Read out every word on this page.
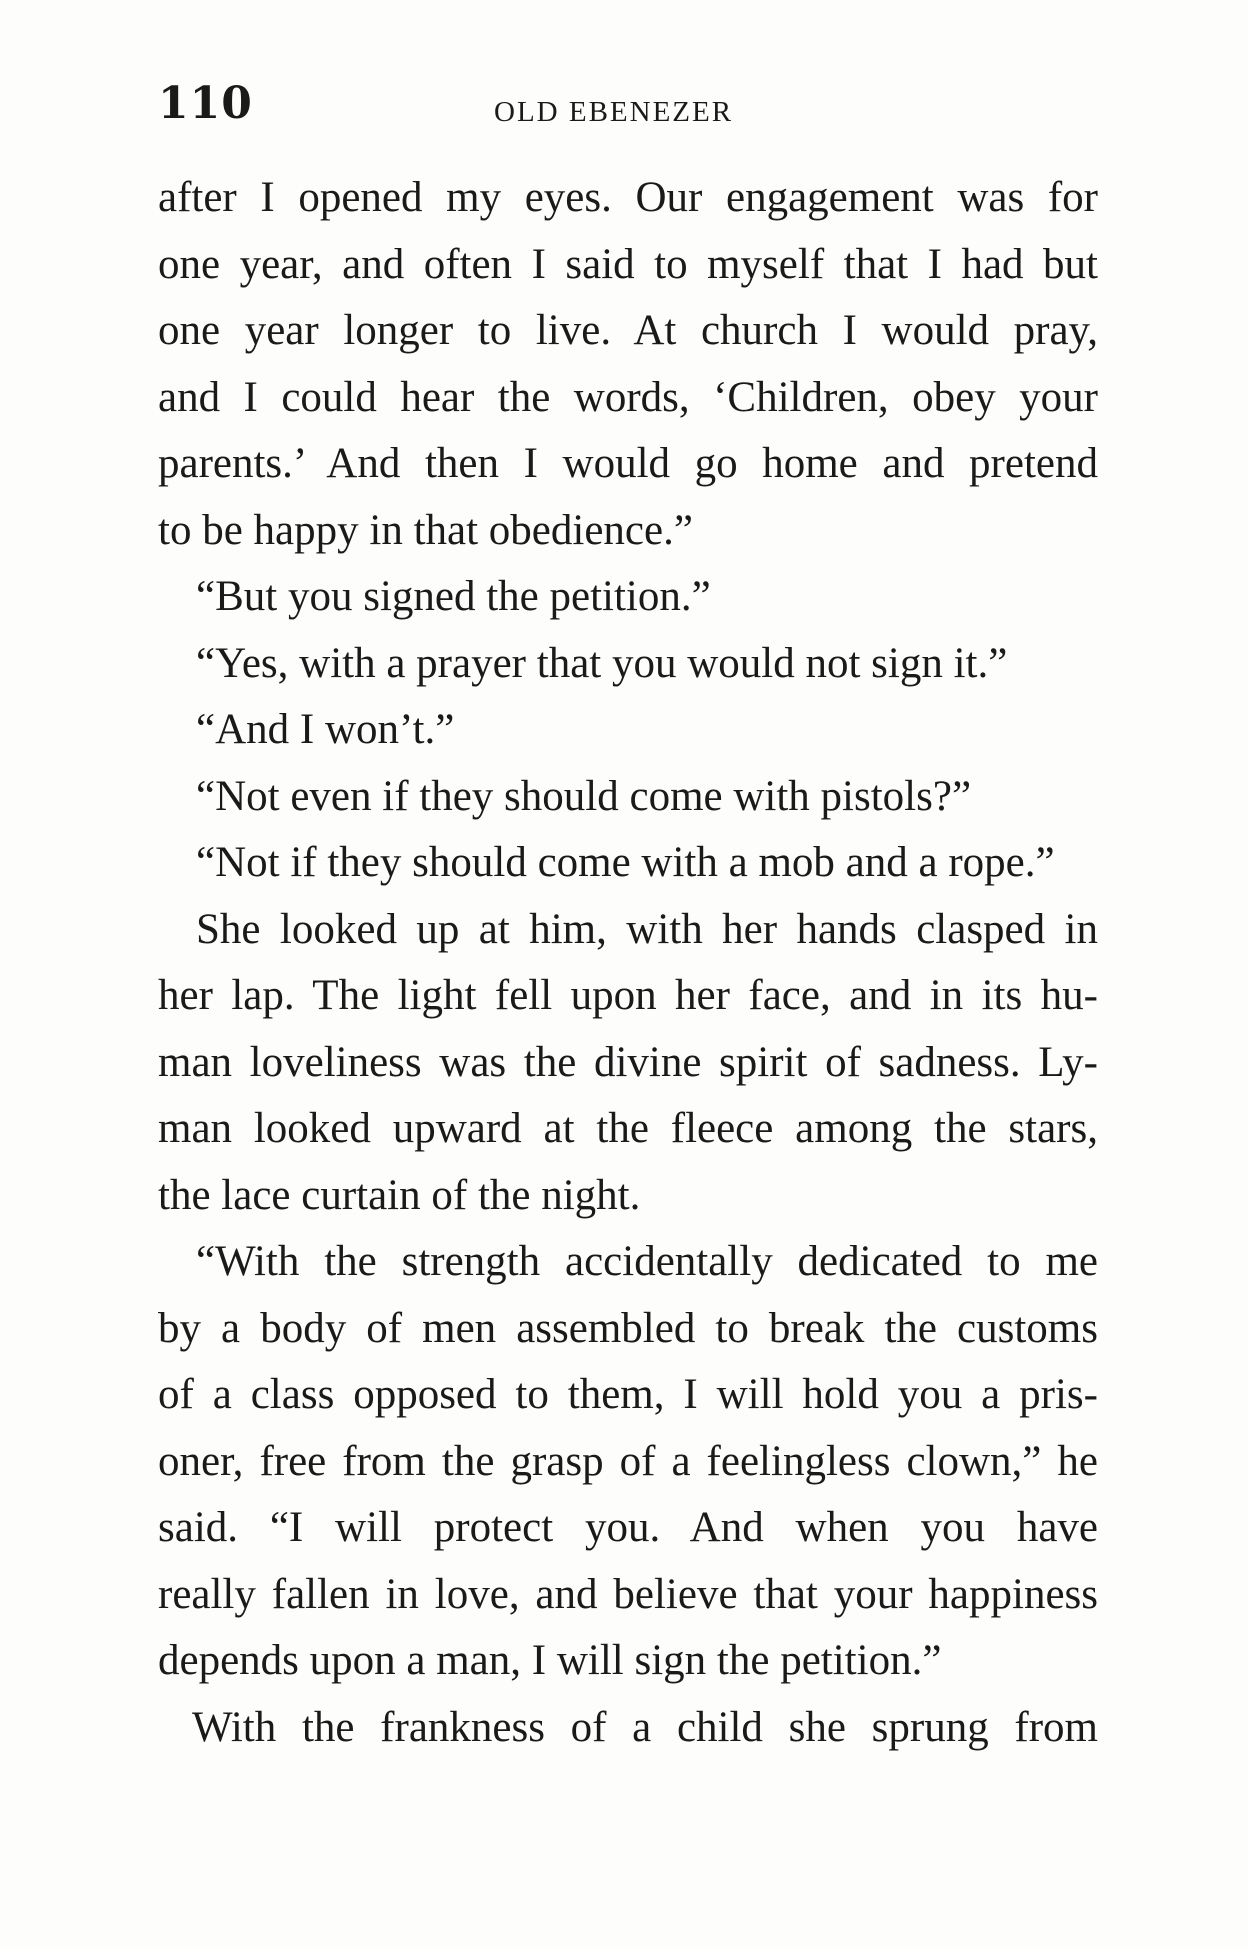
110	OLD EBENEZER
after I opened my eyes. Our engagement was for
one year, and often I said to myself that I had but
one year longer to live. At church I would pray,
and I could hear the words, ‘Children, obey your
parents.’ And then I would go home and pretend
to be happy in that obedience.”
“But you signed the petition.”
“Yes, with a prayer that you would not sign it.”
“And I won’t.”
“Not even if they should come with pistols?”
“Not if they should come with a mob and a rope.”
She looked up at him, with her hands clasped in
her lap. The light fell upon her face, and in its hu-
man loveliness was the divine spirit of sadness. Ly-
man looked upward at the fleece among the stars,
the lace curtain of the night.
“With the strength accidentally dedicated to me
by a body of men assembled to break the customs
of a class opposed to them, I will hold you a pris-
oner, free from the grasp of a feelingless clown,” he
said. “I will protect you. And when you have
really fallen in love, and believe that your happiness
depends upon a man, I will sign the petition.”
With the frankness of a child she sprung from
